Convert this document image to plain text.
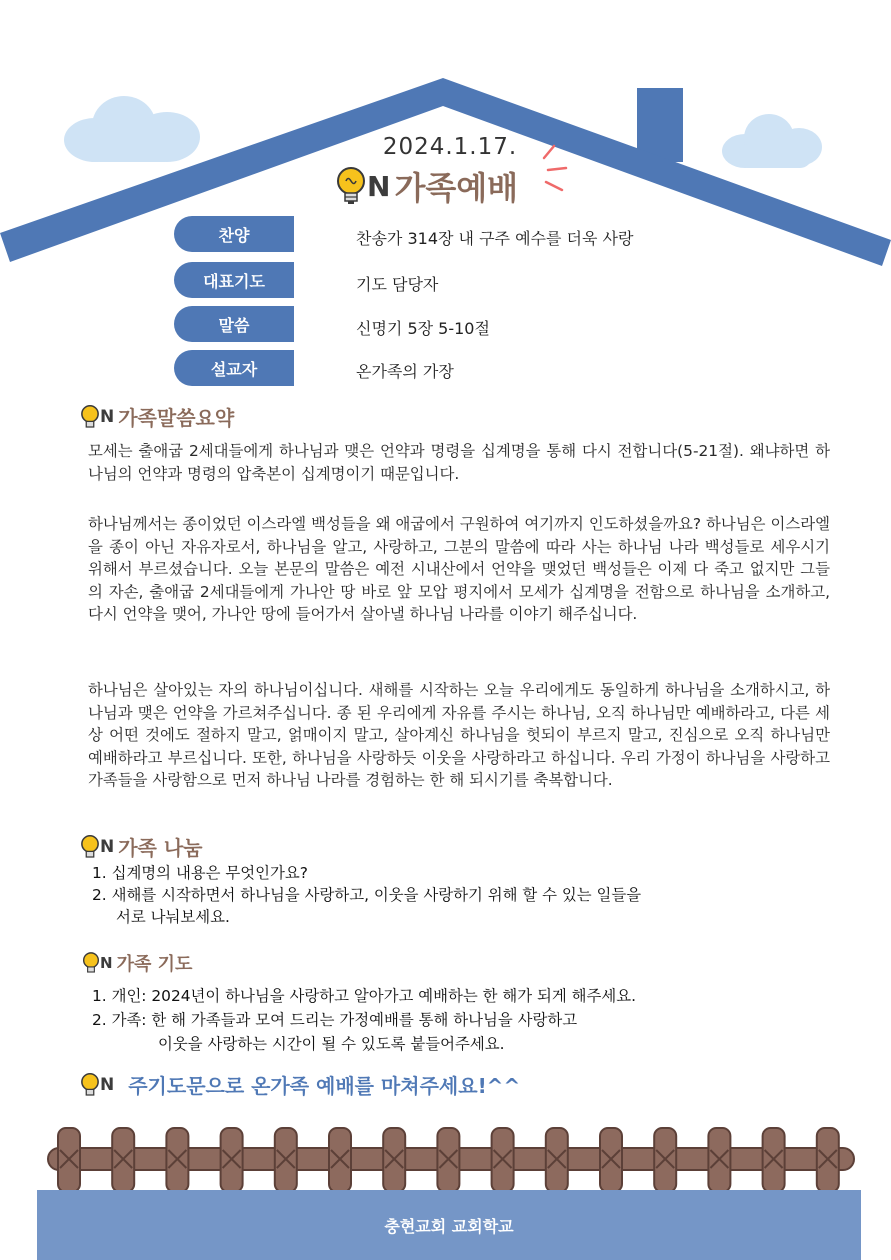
2024.1.17.
N 가족예배
찬양	찬송가 314장 내 구주 예수를 더욱 사랑
대표기도	기도 담당자
말씀	신명기 5장 5-10절
설교자	온가족의 가장
N 가족말씀요약
모세는 출애굽 2세대들에게 하나님과 맺은 언약과 명령을 십계명을 통해 다시 전합니다(5-21절). 왜냐하면 하나님의 언약과 명령의 압축본이 십계명이기 때문입니다.
하나님께서는 종이었던 이스라엘 백성들을 왜 애굽에서 구원하여 여기까지 인도하셨을까요? 하나님은 이스라엘을 종이 아닌 자유자로서, 하나님을 알고, 사랑하고, 그분의 말씀에 따라 사는 하나님 나라 백성들로 세우시기 위해서 부르셨습니다. 오늘 본문의 말씀은 예전 시내산에서 언약을 맺었던 백성들은 이제 다 죽고 없지만 그들의 자손, 출애굽 2세대들에게 가나안 땅 바로 앞 모압 평지에서 모세가 십계명을 전함으로 하나님을 소개하고, 다시 언약을 맺어, 가나안 땅에 들어가서 살아낼 하나님 나라를 이야기 해주십니다.
하나님은 살아있는 자의 하나님이십니다. 새해를 시작하는 오늘 우리에게도 동일하게 하나님을 소개하시고, 하나님과 맺은 언약을 가르쳐주십니다. 종 된 우리에게 자유를 주시는 하나님, 오직 하나님만 예배하라고, 다른 세상 어떤 것에도 절하지 말고, 얽매이지 말고, 살아계신 하나님을 헛되이 부르지 말고, 진심으로 오직 하나님만 예배하라고 부르십니다. 또한, 하나님을 사랑하듯 이웃을 사랑하라고 하십니다. 우리 가정이 하나님을 사랑하고 가족들을 사랑함으로 먼저 하나님 나라를 경험하는 한 해 되시기를 축복합니다.
N 가족 나눔
1. 십계명의 내용은 무엇인가요?
2. 새해를 시작하면서 하나님을 사랑하고, 이웃을 사랑하기 위해 할 수 있는 일들을
서로 나눠보세요.
N 가족 기도
1. 개인: 2024년이 하나님을 사랑하고 알아가고 예배하는 한 해가 되게 해주세요.
2. 가족: 한 해 가족들과 모여 드리는 가정예배를 통해 하나님을 사랑하고
이웃을 사랑하는 시간이 될 수 있도록 붙들어주세요.
N 주기도문으로 온가족 예배를 마쳐주세요!^^
충현교회 교회학교
